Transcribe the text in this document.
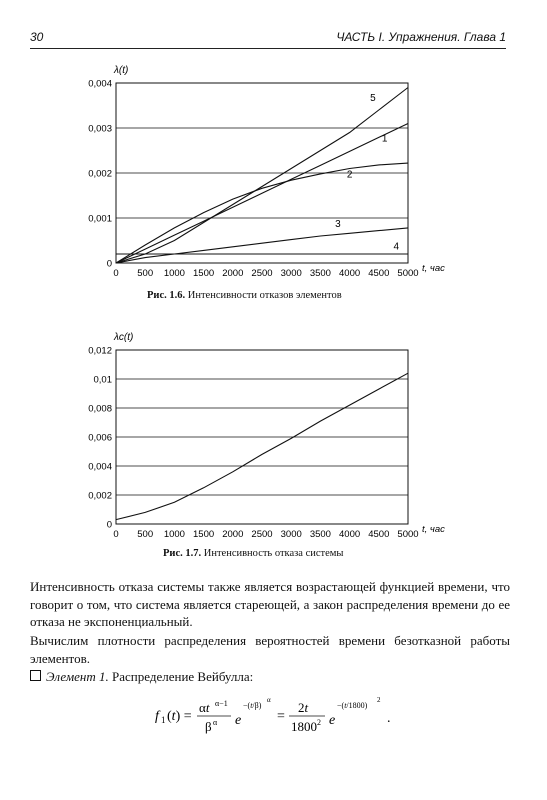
30	ЧАСТЬ I. Упражнения. Глава 1
0
0,001
0,002
0,003
0,004
0 500 1000 1500 2000 2500 3000 3500 4000 4500 5000
λ(t)
t, час
5
1
2
3
4
0
0,002
0,004
0,006
0,008
0,01
0,012
0 500 1000 1500 2000 2500 3000 3500 4000 4500 5000
λc(t)
t, час
Рис. 1.6. Интенсивности отказов элементов
Рис. 1.7. Интенсивность отказа системы
Интенсивность отказа системы также является возрастающей функцией времени, что говорит о том, что система является стареющей, а закон распределения времени до ее отказа не экспоненциальный.
Вычислим плотности распределения вероятностей времени безотказной работы элементов.
Элемент 1. Распределение Вейбулла:
f 1 (t) =
αt α−1
β α e
−(t/β)
α
=
2t
1800 2 e
−(t/1800)
2
.
